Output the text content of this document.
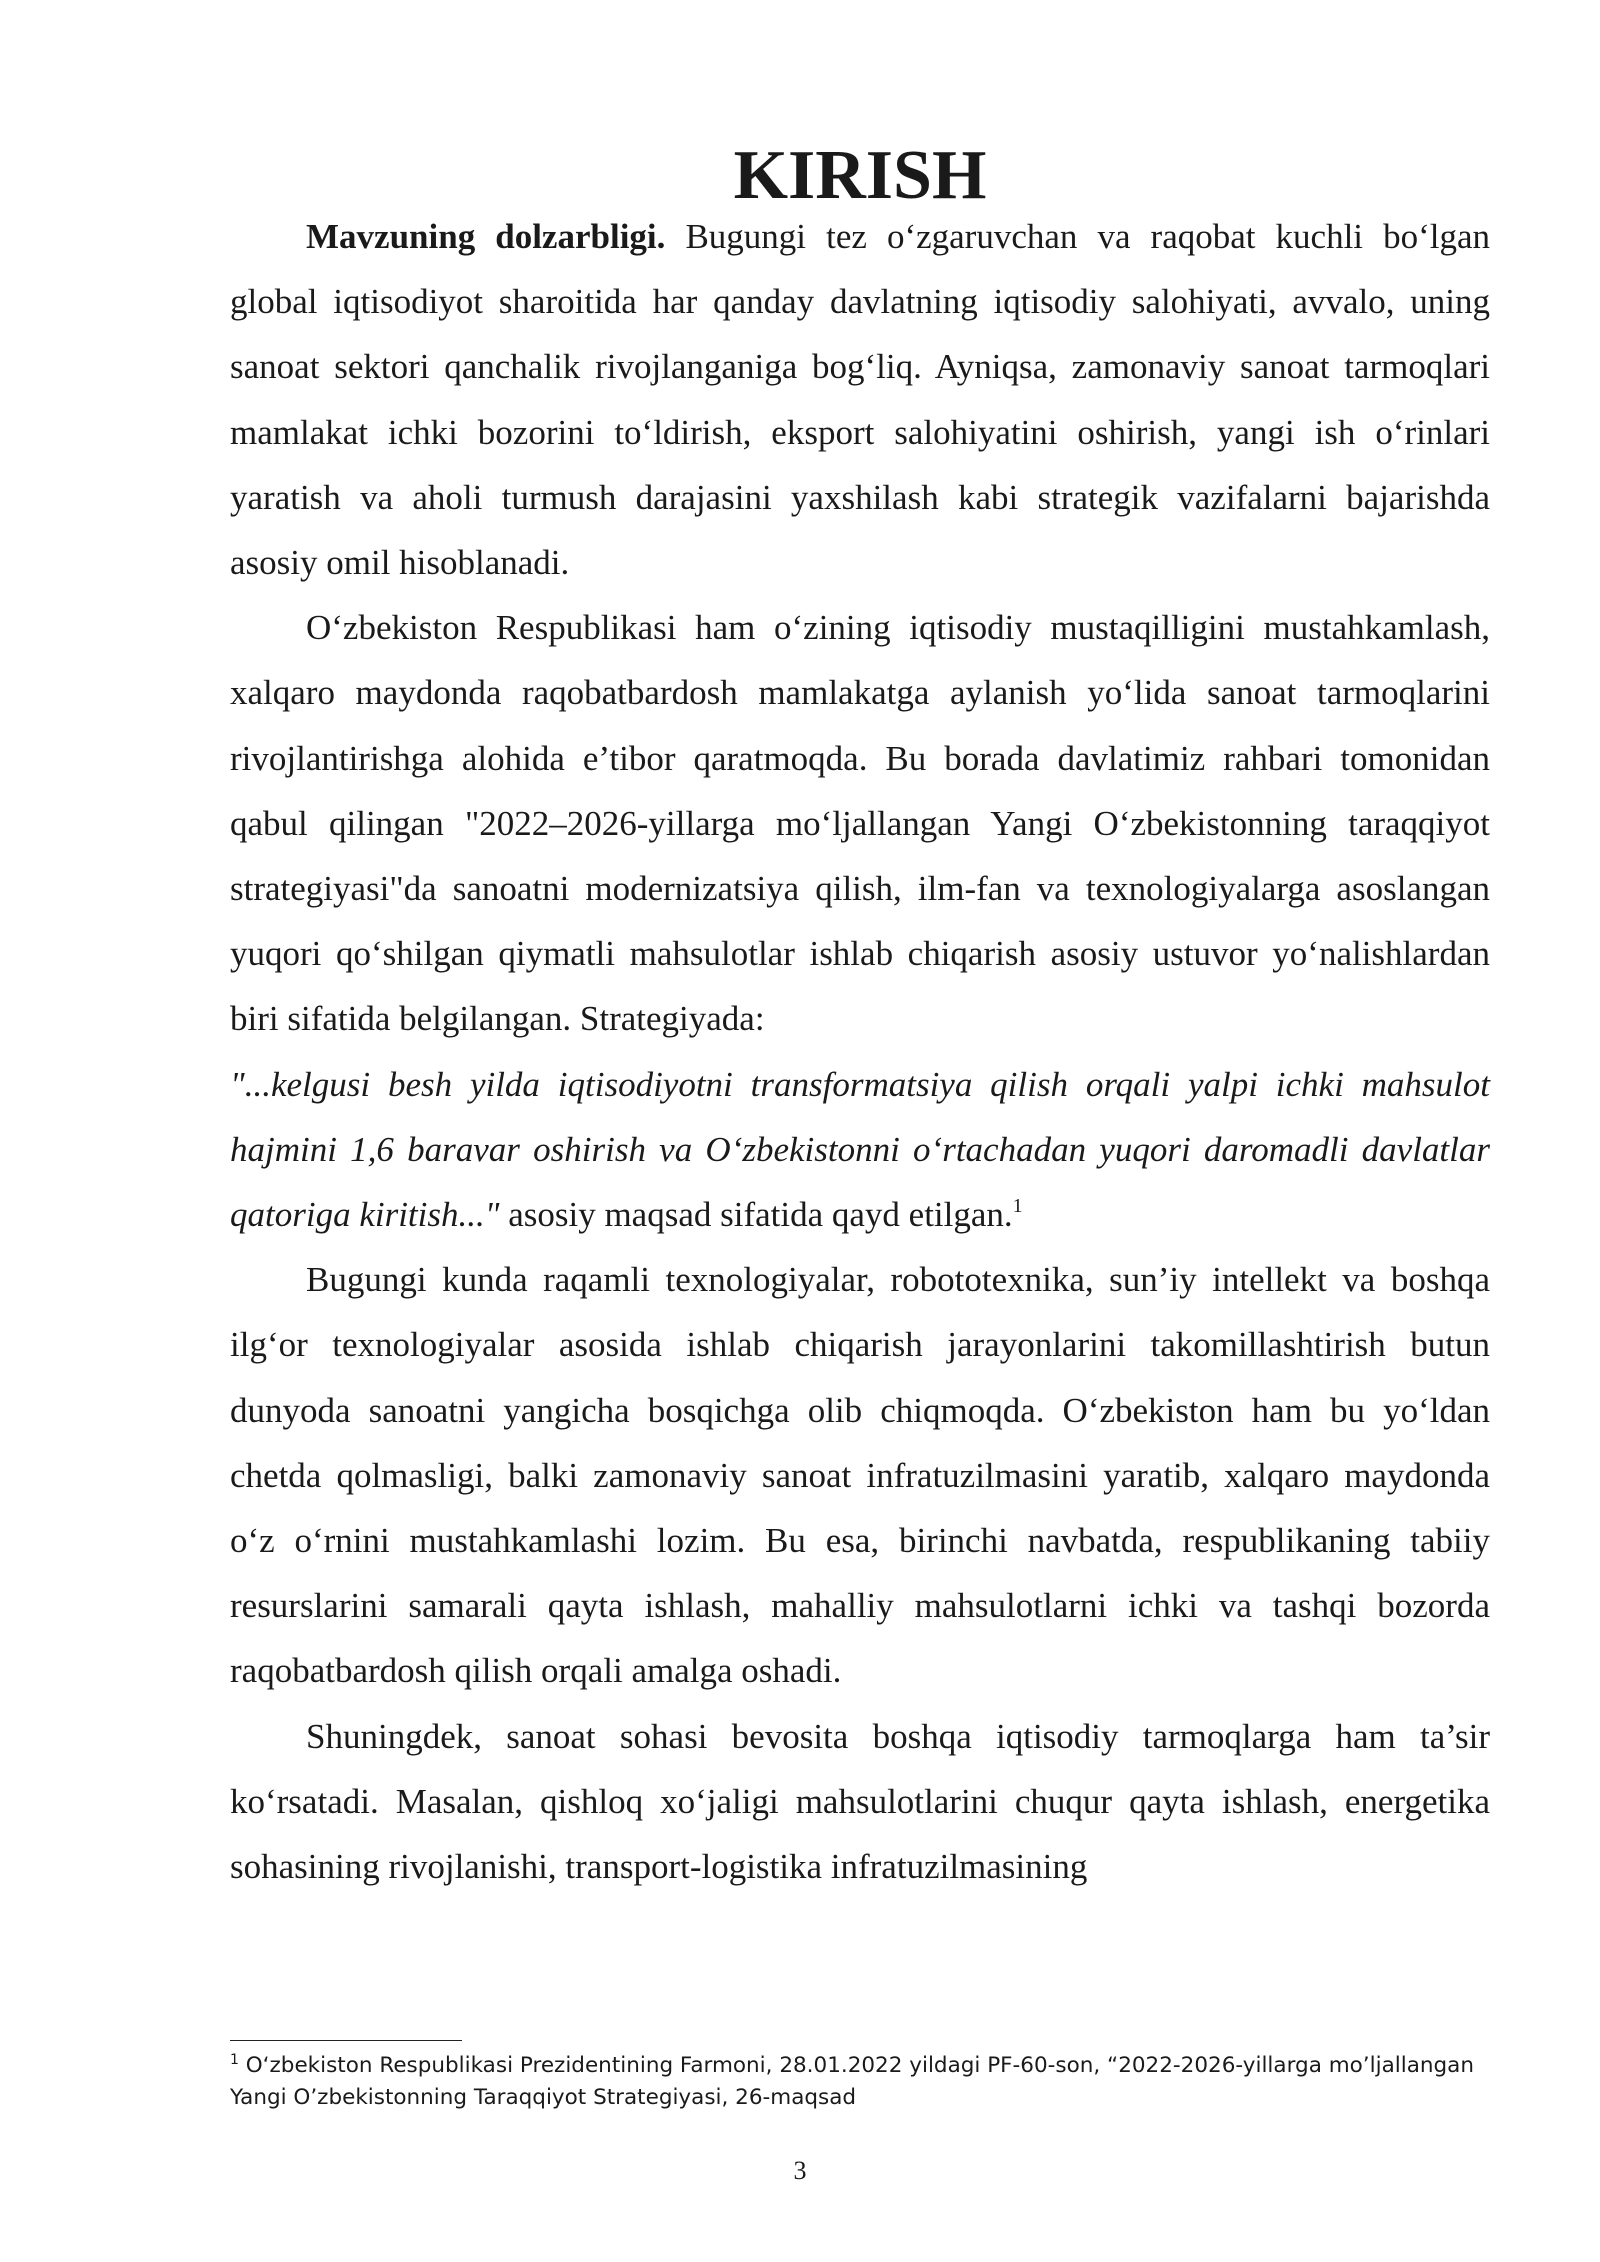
KIRISH

Mavzuning dolzarbligi. Bugungi tez o‘zgaruvchan va raqobat kuchli bo‘lgan global iqtisodiyot sharoitida har qanday davlatning iqtisodiy salohiyati, avvalo, uning sanoat sektori qanchalik rivojlanganiga bog‘liq. Ayniqsa, zamonaviy sanoat tarmoqlari mamlakat ichki bozorini to‘ldirish, eksport salohiyatini oshirish, yangi ish o‘rinlari yaratish va aholi turmush darajasini yaxshilash kabi strategik vazifalarni bajarishda asosiy omil hisoblanadi.

O‘zbekiston Respublikasi ham o‘zining iqtisodiy mustaqilligini mustahkamlash, xalqaro maydonda raqobatbardosh mamlakatga aylanish yo‘lida sanoat tarmoqlarini rivojlantirishga alohida e’tibor qaratmoqda. Bu borada davlatimiz rahbari tomonidan qabul qilingan "2022–2026-yillarga mo‘ljallangan Yangi O‘zbekistonning taraqqiyot strategiyasi"da sanoatni modernizatsiya qilish, ilm-fan va texnologiyalarga asoslangan yuqori qo‘shilgan qiymatli mahsulotlar ishlab chiqarish asosiy ustuvor yo‘nalishlardan biri sifatida belgilangan. Strategiyada:

"...kelgusi besh yilda iqtisodiyotni transformatsiya qilish orqali yalpi ichki mahsulot hajmini 1,6 baravar oshirish va O‘zbekistonni o‘rtachadan yuqori daromadli davlatlar qatoriga kiritish..." asosiy maqsad sifatida qayd etilgan.$^1$

Bugungi kunda raqamli texnologiyalar, robototexnika, sun’iy intellekt va boshqa ilg‘or texnologiyalar asosida ishlab chiqarish jarayonlarini takomillashtirish butun dunyoda sanoatni yangicha bosqichga olib chiqmoqda. O‘zbekiston ham bu yo‘ldan chetda qolmasligi, balki zamonaviy sanoat infratuzilmasini yaratib, xalqaro maydonda o‘z o‘rnini mustahkamlashi lozim. Bu esa, birinchi navbatda, respublikaning tabiiy resurslarini samarali qayta ishlash, mahalliy mahsulotlarni ichki va tashqi bozorda raqobatbardosh qilish orqali amalga oshadi.

Shuningdek, sanoat sohasi bevosita boshqa iqtisodiy tarmoqlarga ham ta’sir ko‘rsatadi. Masalan, qishloq xo‘jaligi mahsulotlarini chuqur qayta ishlash, energetika sohasining rivojlanishi, transport-logistika infratuzilmasining

$^1$ O‘zbekiston Respublikasi Prezidentining Farmoni, 28.01.2022 yildagi PF-60-son, “2022-2026-yillarga mo’ljallangan Yangi O’zbekistonning Taraqqiyot Strategiyasi, 26-maqsad
3
